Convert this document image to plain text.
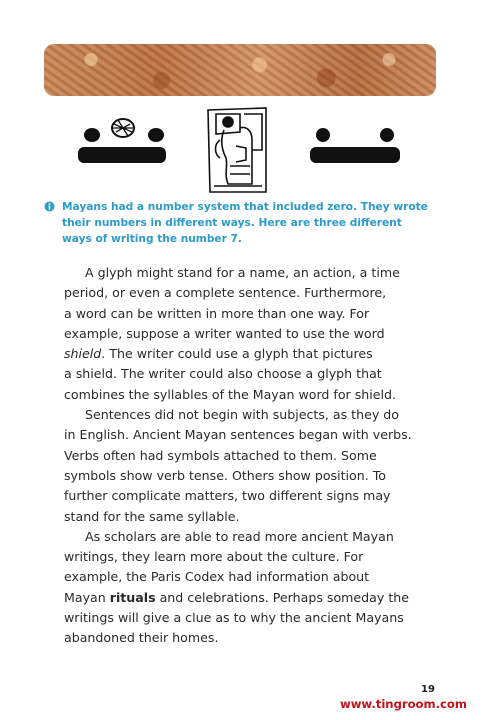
Mayans had a number system that included zero. They wrote
their numbers in different ways. Here are three different
ways of writing the number 7.
A glyph might stand for a name, an action, a time
period, or even a complete sentence. Furthermore,
a word can be written in more than one way. For
example, suppose a writer wanted to use the word
shield. The writer could use a glyph that pictures
a shield. The writer could also choose a glyph that
combines the syllables of the Mayan word for shield.
Sentences did not begin with subjects, as they do
in English. Ancient Mayan sentences began with verbs.
Verbs often had symbols attached to them. Some
symbols show verb tense. Others show position. To
further complicate matters, two different signs may
stand for the same syllable.
As scholars are able to read more ancient Mayan
writings, they learn more about the culture. For
example, the Paris Codex had information about
Mayan rituals and celebrations. Perhaps someday the
writings will give a clue as to why the ancient Mayans
abandoned their homes.
19
www.tingroom.com
